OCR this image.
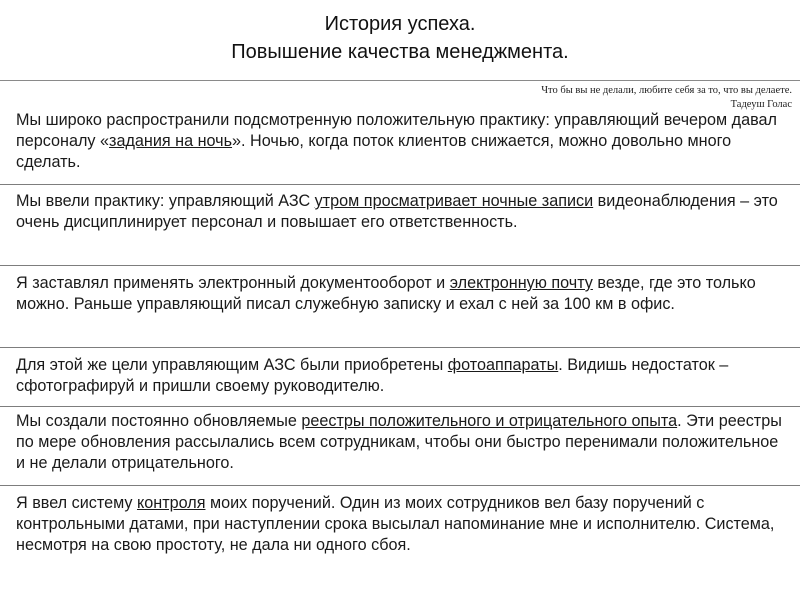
История успеха.
Повышение качества менеджмента.
Что бы вы не делали, любите себя за то, что вы делаете.
Тадеуш Голас
Мы широко распространили подсмотренную положительную практику: управляющий вечером давал персоналу «задания на ночь». Ночью, когда поток клиентов снижается, можно довольно много сделать.
Мы ввели практику: управляющий АЗС утром просматривает ночные записи видеонаблюдения – это очень дисциплинирует персонал и повышает его ответственность.
Я заставлял применять электронный документооборот и электронную почту везде, где это только можно. Раньше управляющий писал служебную записку и ехал с ней за 100 км в офис.
Для этой же цели управляющим АЗС были приобретены фотоаппараты. Видишь недостаток – сфотографируй и пришли своему руководителю.
Мы создали постоянно обновляемые реестры положительного и отрицательного опыта. Эти реестры по мере обновления рассылались всем сотрудникам, чтобы они быстро перенимали положительное и не делали отрицательного.
Я ввел систему контроля моих поручений. Один из моих сотрудников вел базу поручений с контрольными датами, при наступлении срока высылал напоминание мне и исполнителю. Система, несмотря на свою простоту, не дала ни одного сбоя.
